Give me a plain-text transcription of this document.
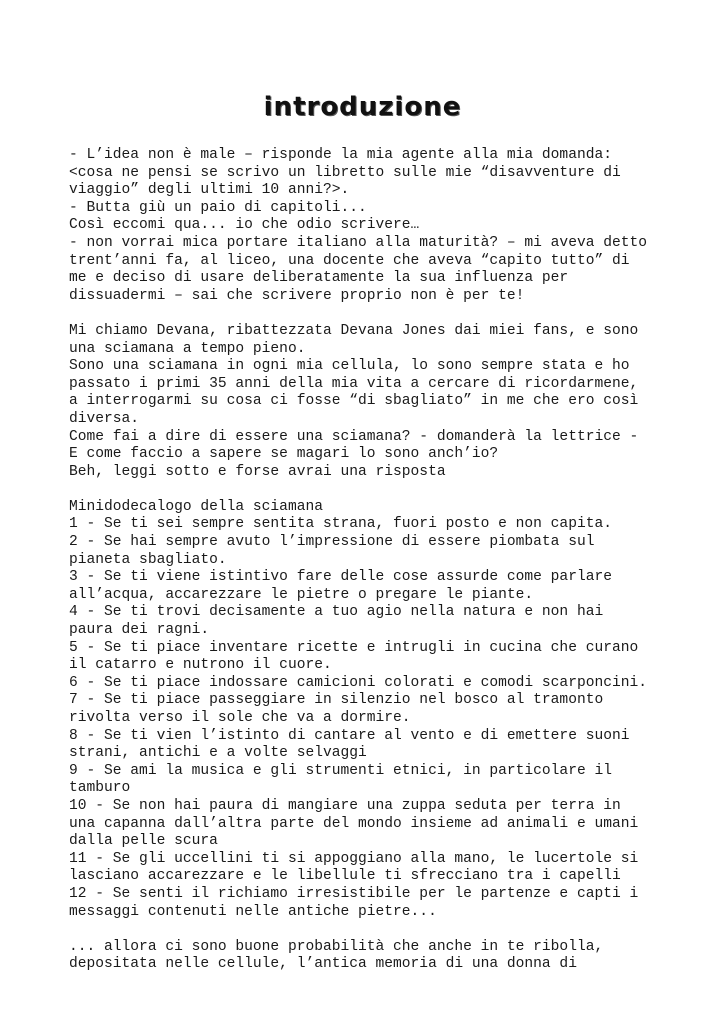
introduzione
- L’idea non è male – risponde la mia agente alla mia domanda:
<cosa ne pensi se scrivo un libretto sulle mie “disavventure di
viaggio” degli ultimi 10 anni?>.
- Butta giù un paio di capitoli...
Così eccomi qua... io che odio scrivere…
- non vorrai mica portare italiano alla maturità? – mi aveva detto
trent’anni fa, al liceo, una docente che aveva “capito tutto” di
me e deciso di usare deliberatamente la sua influenza per
dissuadermi – sai che scrivere proprio non è per te!
Mi chiamo Devana, ribattezzata Devana Jones dai miei fans, e sono
una sciamana a tempo pieno.
Sono una sciamana in ogni mia cellula, lo sono sempre stata e ho
passato i primi 35 anni della mia vita a cercare di ricordarmene,
a interrogarmi su cosa ci fosse “di sbagliato” in me che ero così
diversa.
Come fai a dire di essere una sciamana? - domanderà la lettrice -
E come faccio a sapere se magari lo sono anch’io?
Beh, leggi sotto e forse avrai una risposta
Minidodecalogo della sciamana
1 - Se ti sei sempre sentita strana, fuori posto e non capita.
2 - Se hai sempre avuto l’impressione di essere piombata sul
pianeta sbagliato.
3 - Se ti viene istintivo fare delle cose assurde come parlare
all’acqua, accarezzare le pietre o pregare le piante.
4 - Se ti trovi decisamente a tuo agio nella natura e non hai
paura dei ragni.
5 - Se ti piace inventare ricette e intrugli in cucina che curano
il catarro e nutrono il cuore.
6 - Se ti piace indossare camicioni colorati e comodi scarponcini.
7 - Se ti piace passeggiare in silenzio nel bosco al tramonto
rivolta verso il sole che va a dormire.
8 - Se ti vien l’istinto di cantare al vento e di emettere suoni
strani, antichi e a volte selvaggi
9 - Se ami la musica e gli strumenti etnici, in particolare il
tamburo
10 - Se non hai paura di mangiare una zuppa seduta per terra in
una capanna dall’altra parte del mondo insieme ad animali e umani
dalla pelle scura
11 - Se gli uccellini ti si appoggiano alla mano, le lucertole si
lasciano accarezzare e le libellule ti sfrecciano tra i capelli
12 - Se senti il richiamo irresistibile per le partenze e capti i
messaggi contenuti nelle antiche pietre...
... allora ci sono buone probabilità che anche in te ribolla,
depositata nelle cellule, l’antica memoria di una donna di
